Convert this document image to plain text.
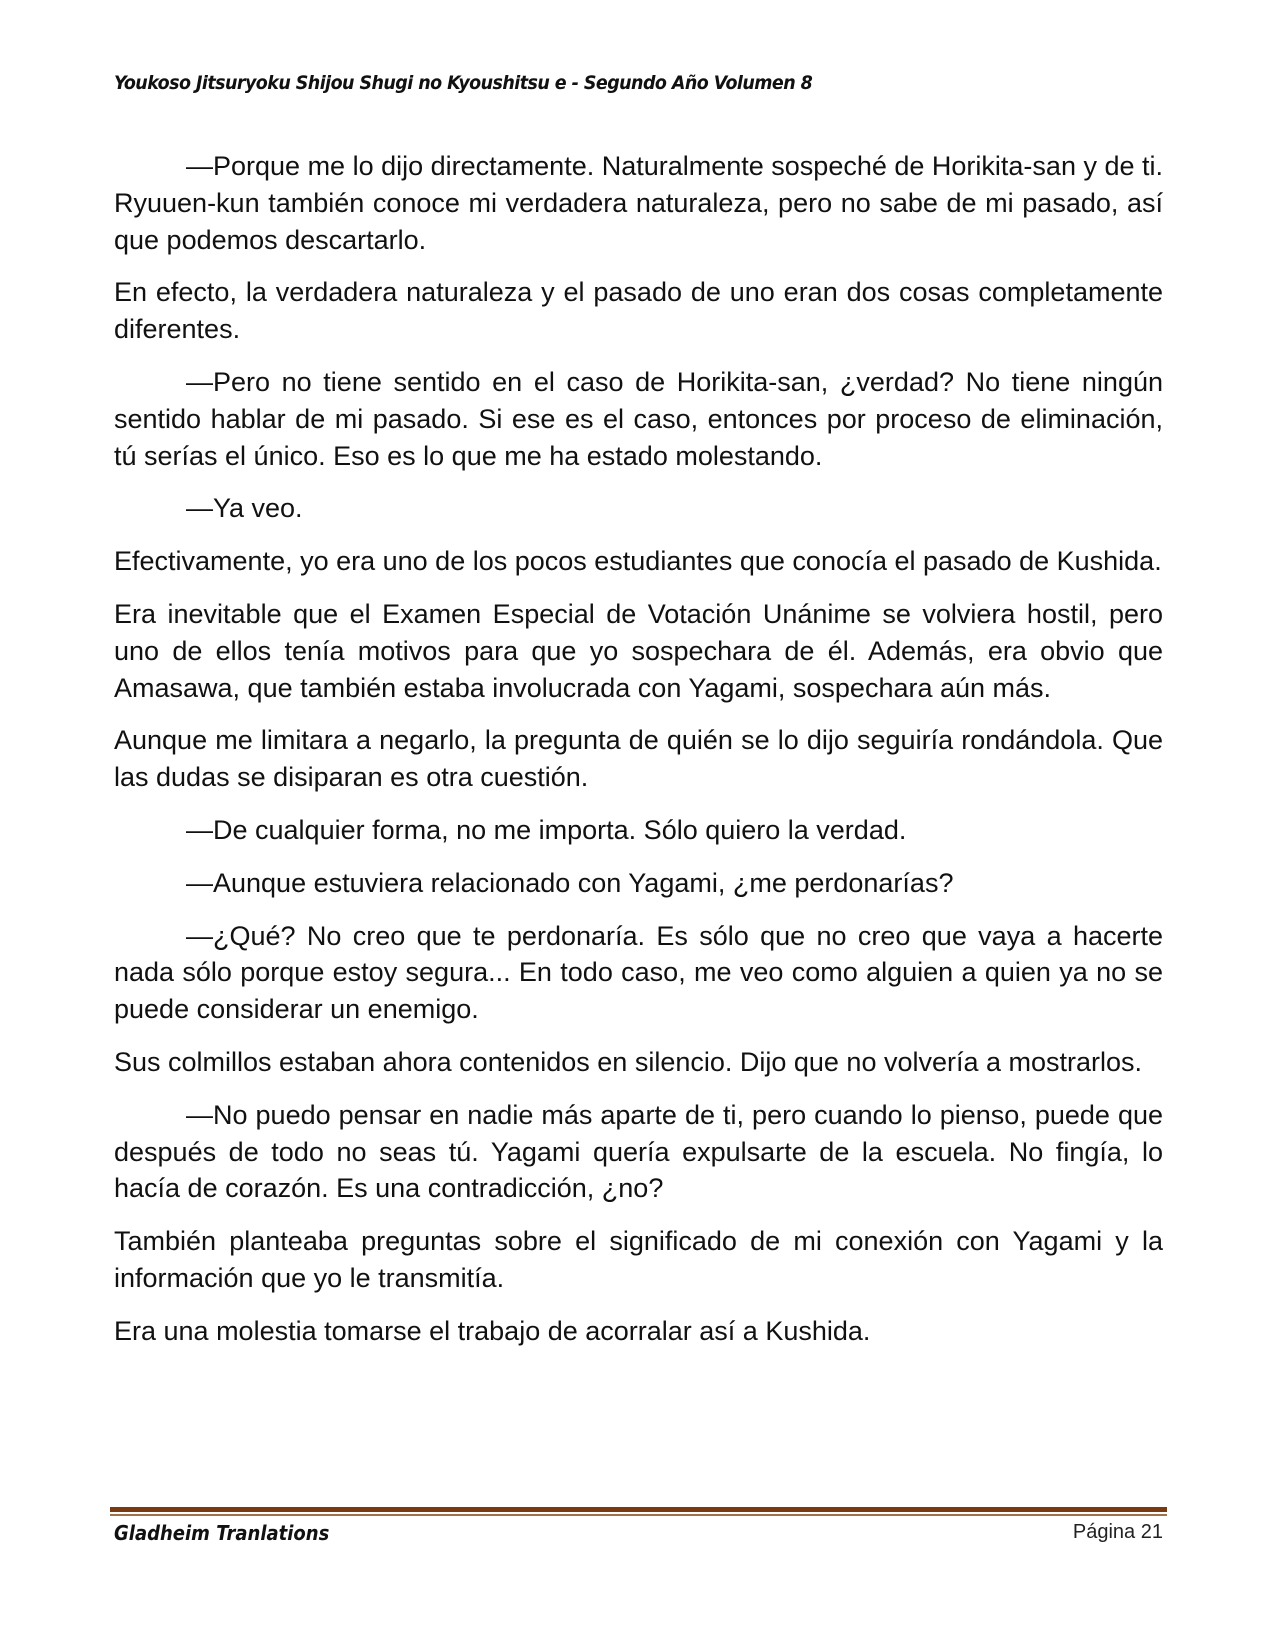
Youkoso Jitsuryoku Shijou Shugi no Kyoushitsu e - Segundo Año Volumen 8

—Porque me lo dijo directamente. Naturalmente sospeché de Horikita-san y de ti. Ryuuen-kun también conoce mi verdadera naturaleza, pero no sabe de mi pasado, así que podemos descartarlo.

En efecto, la verdadera naturaleza y el pasado de uno eran dos cosas completamente diferentes.

—Pero no tiene sentido en el caso de Horikita-san, ¿verdad? No tiene ningún sentido hablar de mi pasado. Si ese es el caso, entonces por proceso de eliminación, tú serías el único. Eso es lo que me ha estado molestando.

—Ya veo.

Efectivamente, yo era uno de los pocos estudiantes que conocía el pasado de Kushida.

Era inevitable que el Examen Especial de Votación Unánime se volviera hostil, pero uno de ellos tenía motivos para que yo sospechara de él. Además, era obvio que Amasawa, que también estaba involucrada con Yagami, sospechara aún más.

Aunque me limitara a negarlo, la pregunta de quién se lo dijo seguiría rondándola. Que las dudas se disiparan es otra cuestión.

—De cualquier forma, no me importa. Sólo quiero la verdad.

—Aunque estuviera relacionado con Yagami, ¿me perdonarías?

—¿Qué? No creo que te perdonaría. Es sólo que no creo que vaya a hacerte nada sólo porque estoy segura... En todo caso, me veo como alguien a quien ya no se puede considerar un enemigo.

Sus colmillos estaban ahora contenidos en silencio. Dijo que no volvería a mostrarlos.

—No puedo pensar en nadie más aparte de ti, pero cuando lo pienso, puede que después de todo no seas tú. Yagami quería expulsarte de la escuela. No fingía, lo hacía de corazón. Es una contradicción, ¿no?

También planteaba preguntas sobre el significado de mi conexión con Yagami y la información que yo le transmitía.

Era una molestia tomarse el trabajo de acorralar así a Kushida.

Gladheim Tranlations	Página 21
